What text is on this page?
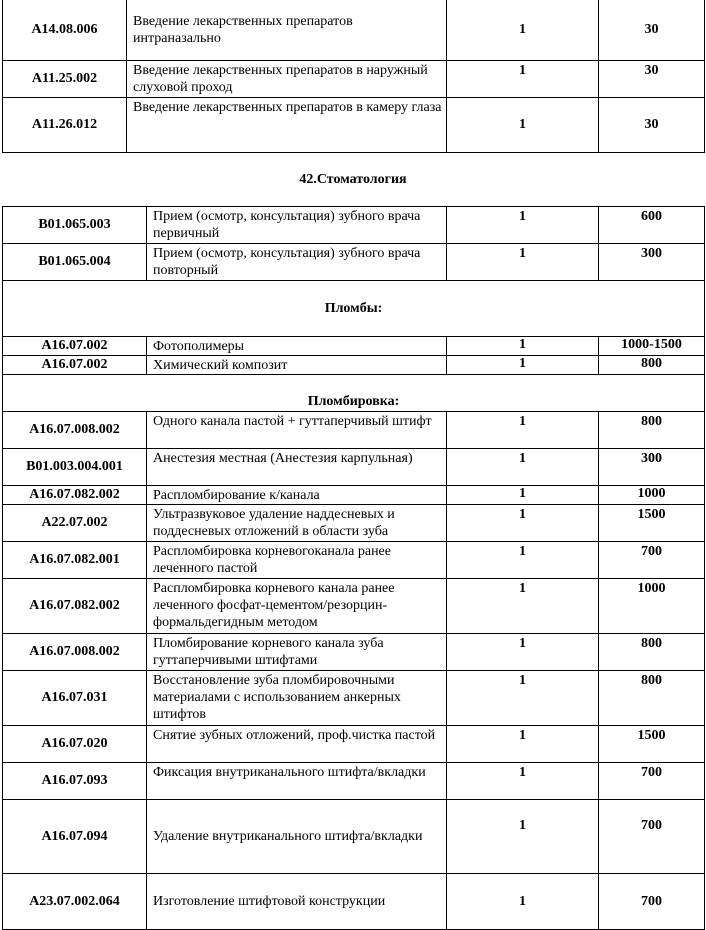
A14.08.006	Введение лекарственных препаратов интраназально	1	30
A11.25.002	Введение лекарственных препаратов в наружный слуховой проход	1	30
A11.26.012	Введение лекарственных препаратов в камеру глаза	1	30
42.Стоматология
B01.065.003	Прием (осмотр, консультация) зубного врача первичный	1	600
B01.065.004	Прием (осмотр, консультация) зубного врача повторный	1	300
Пломбы:			
A16.07.002	Фотополимеры	1	1000-1500
A16.07.002	Химический композит	1	800
Пломбировка:			
A16.07.008.002	Одного канала пастой + гуттаперчивый штифт	1	800
B01.003.004.001	Анестезия местная (Анестезия карпульная)	1	300
A16.07.082.002	Распломбирование к/канала	1	1000
A22.07.002	Ультразвуковое удаление наддесневых и поддесневых отложений в области зуба	1	1500
A16.07.082.001	Распломбировка корневогоканала ранее леченного пастой	1	700
A16.07.082.002	Распломбировка корневого канала ранее леченного фосфат-цементом/резорцин-формальдегидным методом	1	1000
A16.07.008.002	Пломбирование корневого канала зуба гуттаперчивыми штифтами	1	800
A16.07.031	Восстановление зуба пломбировочными материалами с использованием анкерных штифтов	1	800
A16.07.020	Снятие зубных отложений, проф.чистка пастой	1	1500
A16.07.093	Фиксация внутриканального штифта/вкладки	1	700
A16.07.094	Удаление внутриканального штифта/вкладки	1	700
A23.07.002.064	Изготовление штифтовой конструкции	1	700
